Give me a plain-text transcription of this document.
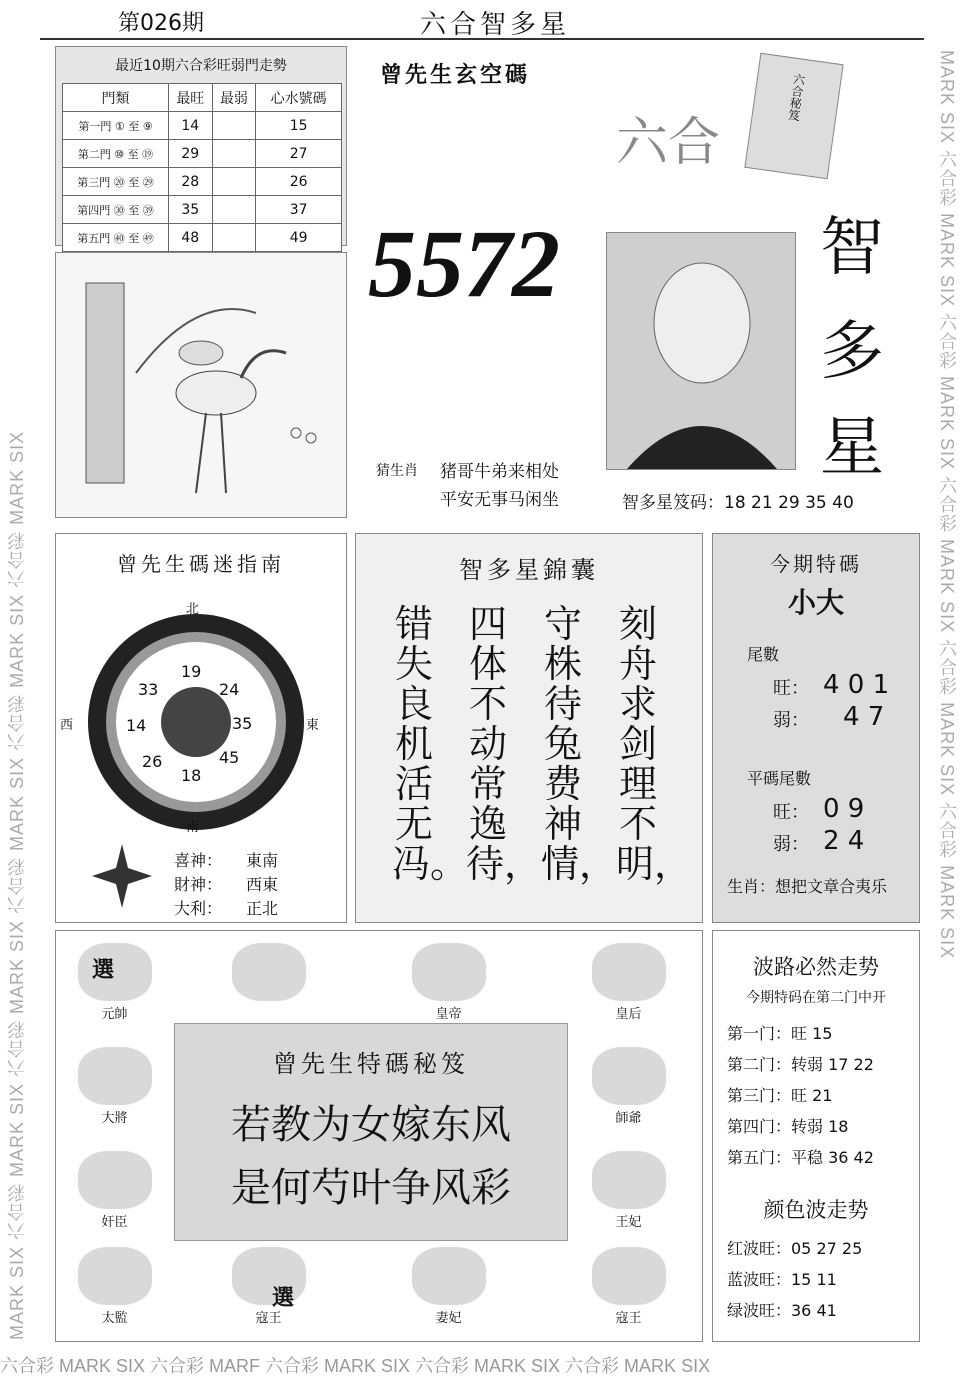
MARK SIX 六合彩 MARK SIX 六合彩 MARK SIX 六合彩 MARK SIX 六合彩 MARK SIX 六合彩 MARK SIX	MARK SIX 六合彩 MARK SIX 六合彩 MARK SIX 六合彩 MARK SIX 六合彩 MARK SIX 六合彩 MARK SIX
六合彩 MARK SIX 六合彩 MARF 六合彩 MARK SIX 六合彩 MARK SIX 六合彩 MARK SIX
第026期	六合智多星
最近10期六合彩旺弱門走勢
門類	最旺	最弱	心水號碼
第一門 ① 至 ⑨	14		15
第二門 ⑩ 至 ⑲	29		27
第三門 ⑳ 至 ㉙	28		26
第四門 ㉚ 至 ㊴	35		37
第五門 ㊵ 至 ㊾	48		49
曾先生玄空碼
5572
猜生肖 猪哥牛弟来相处
平安无事马闲坐
六合
六合秘笈
智
多
星
智多星笈码：18 21 29 35 40
曾先生碼迷指南
北
南
西	東
19
24
35
45
18
26
14
33
喜神： 東南
財神： 西東
大利： 正北
智多星錦囊
刻舟求剑理不明，
守株待兔费神情，
四体不动常逸待，
错失良机活无冯。
今期特碼
小大
尾數
旺： 4 0 1
弱： 4 7
平碼尾數
旺： 0 9
弱： 2 4
生肖：想把文章合夷乐
元帥
選
皇帝	皇后
大將	師爺
奸臣	王妃
太監	寇王
選
妻妃	寇王
曾先生特碼秘笈
若教为女嫁东风
是何芍叶争风彩
波路必然走势
今期特码在第二门中开
第一门：旺 15
第二门：转弱 17 22
第三门：旺 21
第四门：转弱 18
第五门：平稳 36 42
颜色波走势
红波旺：05 27 25
蓝波旺：15 11
绿波旺：36 41
